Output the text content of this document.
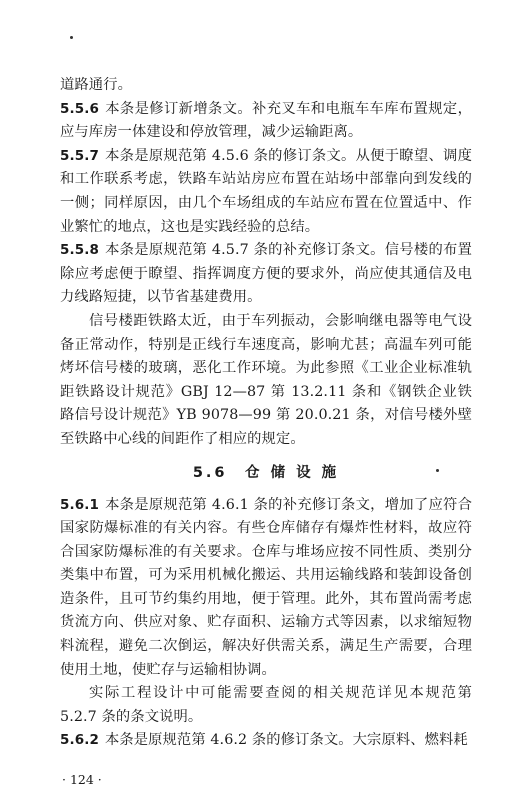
道路通行。

5.5.6 本条是修订新增条文。补充叉车和电瓶车车库布置规定，应与库房一体建设和停放管理，减少运输距离。

5.5.7 本条是原规范第 4.5.6 条的修订条文。从便于瞭望、调度和工作联系考虑，铁路车站站房应布置在站场中部靠向到发线的一侧；同样原因，由几个车场组成的车站应布置在位置适中、作业繁忙的地点，这也是实践经验的总结。

5.5.8 本条是原规范第 4.5.7 条的补充修订条文。信号楼的布置除应考虑便于瞭望、指挥调度方便的要求外，尚应使其通信及电力线路短捷，以节省基建费用。

信号楼距铁路太近，由于车列振动，会影响继电器等电气设备正常动作，特别是正线行车速度高，影响尤甚；高温车列可能烤坏信号楼的玻璃，恶化工作环境。为此参照《工业企业标准轨距铁路设计规范》GBJ 12—87 第 13.2.11 条和《钢铁企业铁路信号设计规范》YB 9078—99 第 20.0.21 条，对信号楼外壁至铁路中心线的间距作了相应的规定。

5.6　仓 储 设 施

5.6.1 本条是原规范第 4.6.1 条的补充修订条文，增加了应符合国家防爆标准的有关内容。有些仓库储存有爆炸性材料，故应符合国家防爆标准的有关要求。仓库与堆场应按不同性质、类别分类集中布置，可为采用机械化搬运、共用运输线路和装卸设备创造条件，且可节约集约用地，便于管理。此外，其布置尚需考虑货流方向、供应对象、贮存面积、运输方式等因素，以求缩短物料流程，避免二次倒运，解决好供需关系，满足生产需要，合理使用土地，使贮存与运输相协调。

实际工程设计中可能需要查阅的相关规范详见本规范第 5.2.7 条的条文说明。

5.6.2 本条是原规范第 4.6.2 条的修订条文。大宗原料、燃料耗

· 124 ·
